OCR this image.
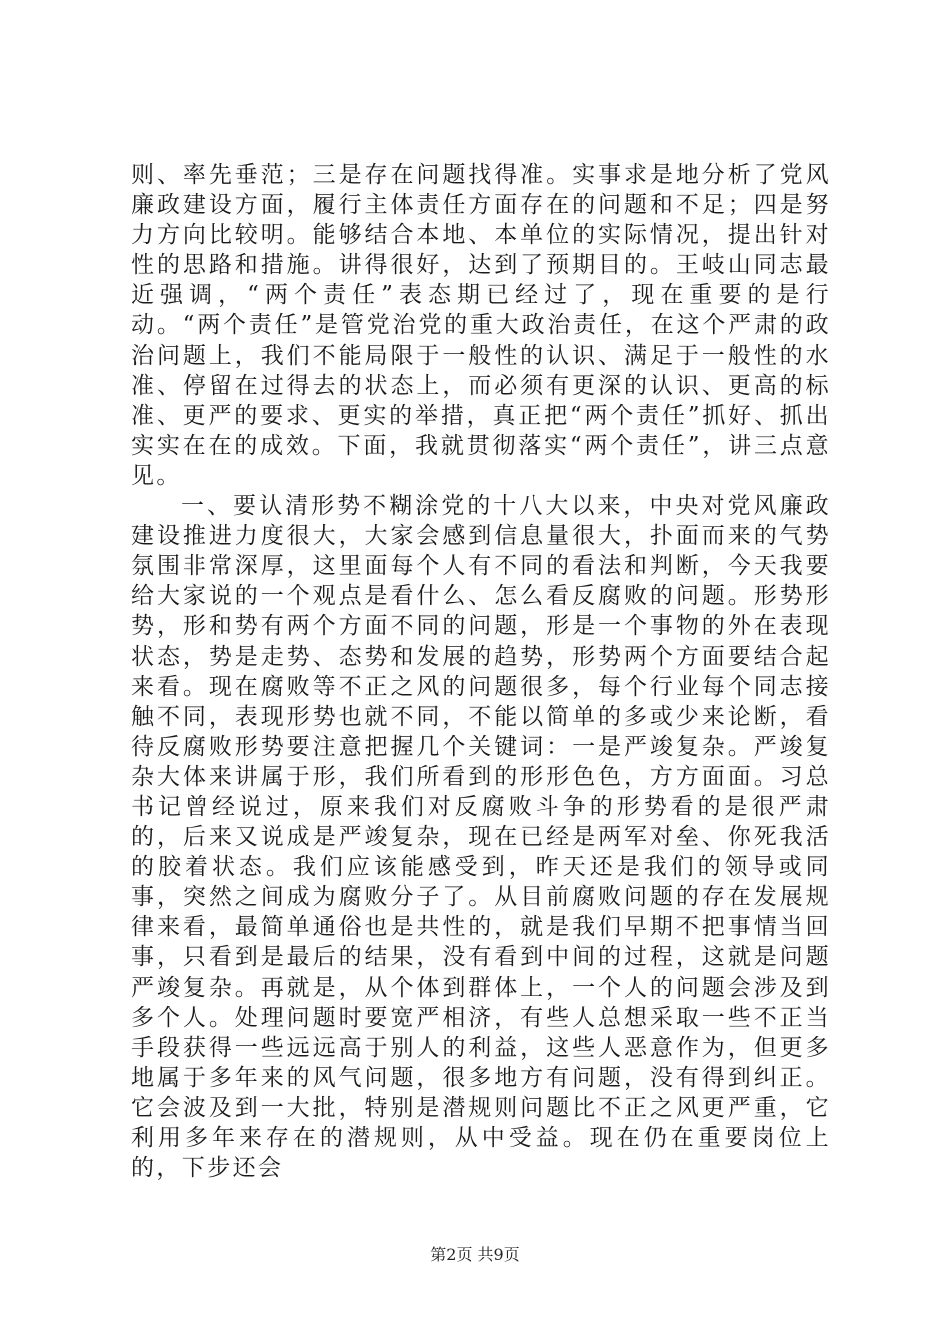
则、率先垂范；三是存在问题找得准。实事求是地分析了党风廉政建设方面，履行主体责任方面存在的问题和不足；四是努力方向比较明。能够结合本地、本单位的实际情况，提出针对性的思路和措施。讲得很好，达到了预期目的。王岐山同志最近强调，“两个责任”表态期已经过了，现在重要的是行动。“两个责任”是管党治党的重大政治责任，在这个严肃的政治问题上，我们不能局限于一般性的认识、满足于一般性的水准、停留在过得去的状态上，而必须有更深的认识、更高的标准、更严的要求、更实的举措，真正把“两个责任”抓好、抓出实实在在的成效。下面，我就贯彻落实“两个责任”，讲三点意见。

一、要认清形势不糊涂党的十八大以来，中央对党风廉政建设推进力度很大，大家会感到信息量很大，扑面而来的气势氛围非常深厚，这里面每个人有不同的看法和判断，今天我要给大家说的一个观点是看什么、怎么看反腐败的问题。形势形势，形和势有两个方面不同的问题，形是一个事物的外在表现状态，势是走势、态势和发展的趋势，形势两个方面要结合起来看。现在腐败等不正之风的问题很多，每个行业每个同志接触不同，表现形势也就不同，不能以简单的多或少来论断，看待反腐败形势要注意把握几个关键词：一是严竣复杂。严竣复杂大体来讲属于形，我们所看到的形形色色，方方面面。习总书记曾经说过，原来我们对反腐败斗争的形势看的是很严肃的，后来又说成是严竣复杂，现在已经是两军对垒、你死我活的胶着状态。我们应该能感受到，昨天还是我们的领导或同事，突然之间成为腐败分子了。从目前腐败问题的存在发展规律来看，最简单通俗也是共性的，就是我们早期不把事情当回事，只看到是最后的结果，没有看到中间的过程，这就是问题严竣复杂。再就是，从个体到群体上，一个人的问题会涉及到多个人。处理问题时要宽严相济，有些人总想采取一些不正当手段获得一些远远高于别人的利益，这些人恶意作为，但更多地属于多年来的风气问题，很多地方有问题，没有得到纠正。它会波及到一大批，特别是潜规则问题比不正之风更严重，它利用多年来存在的潜规则，从中受益。现在仍在重要岗位上的，下步还会

第2页 共9页
